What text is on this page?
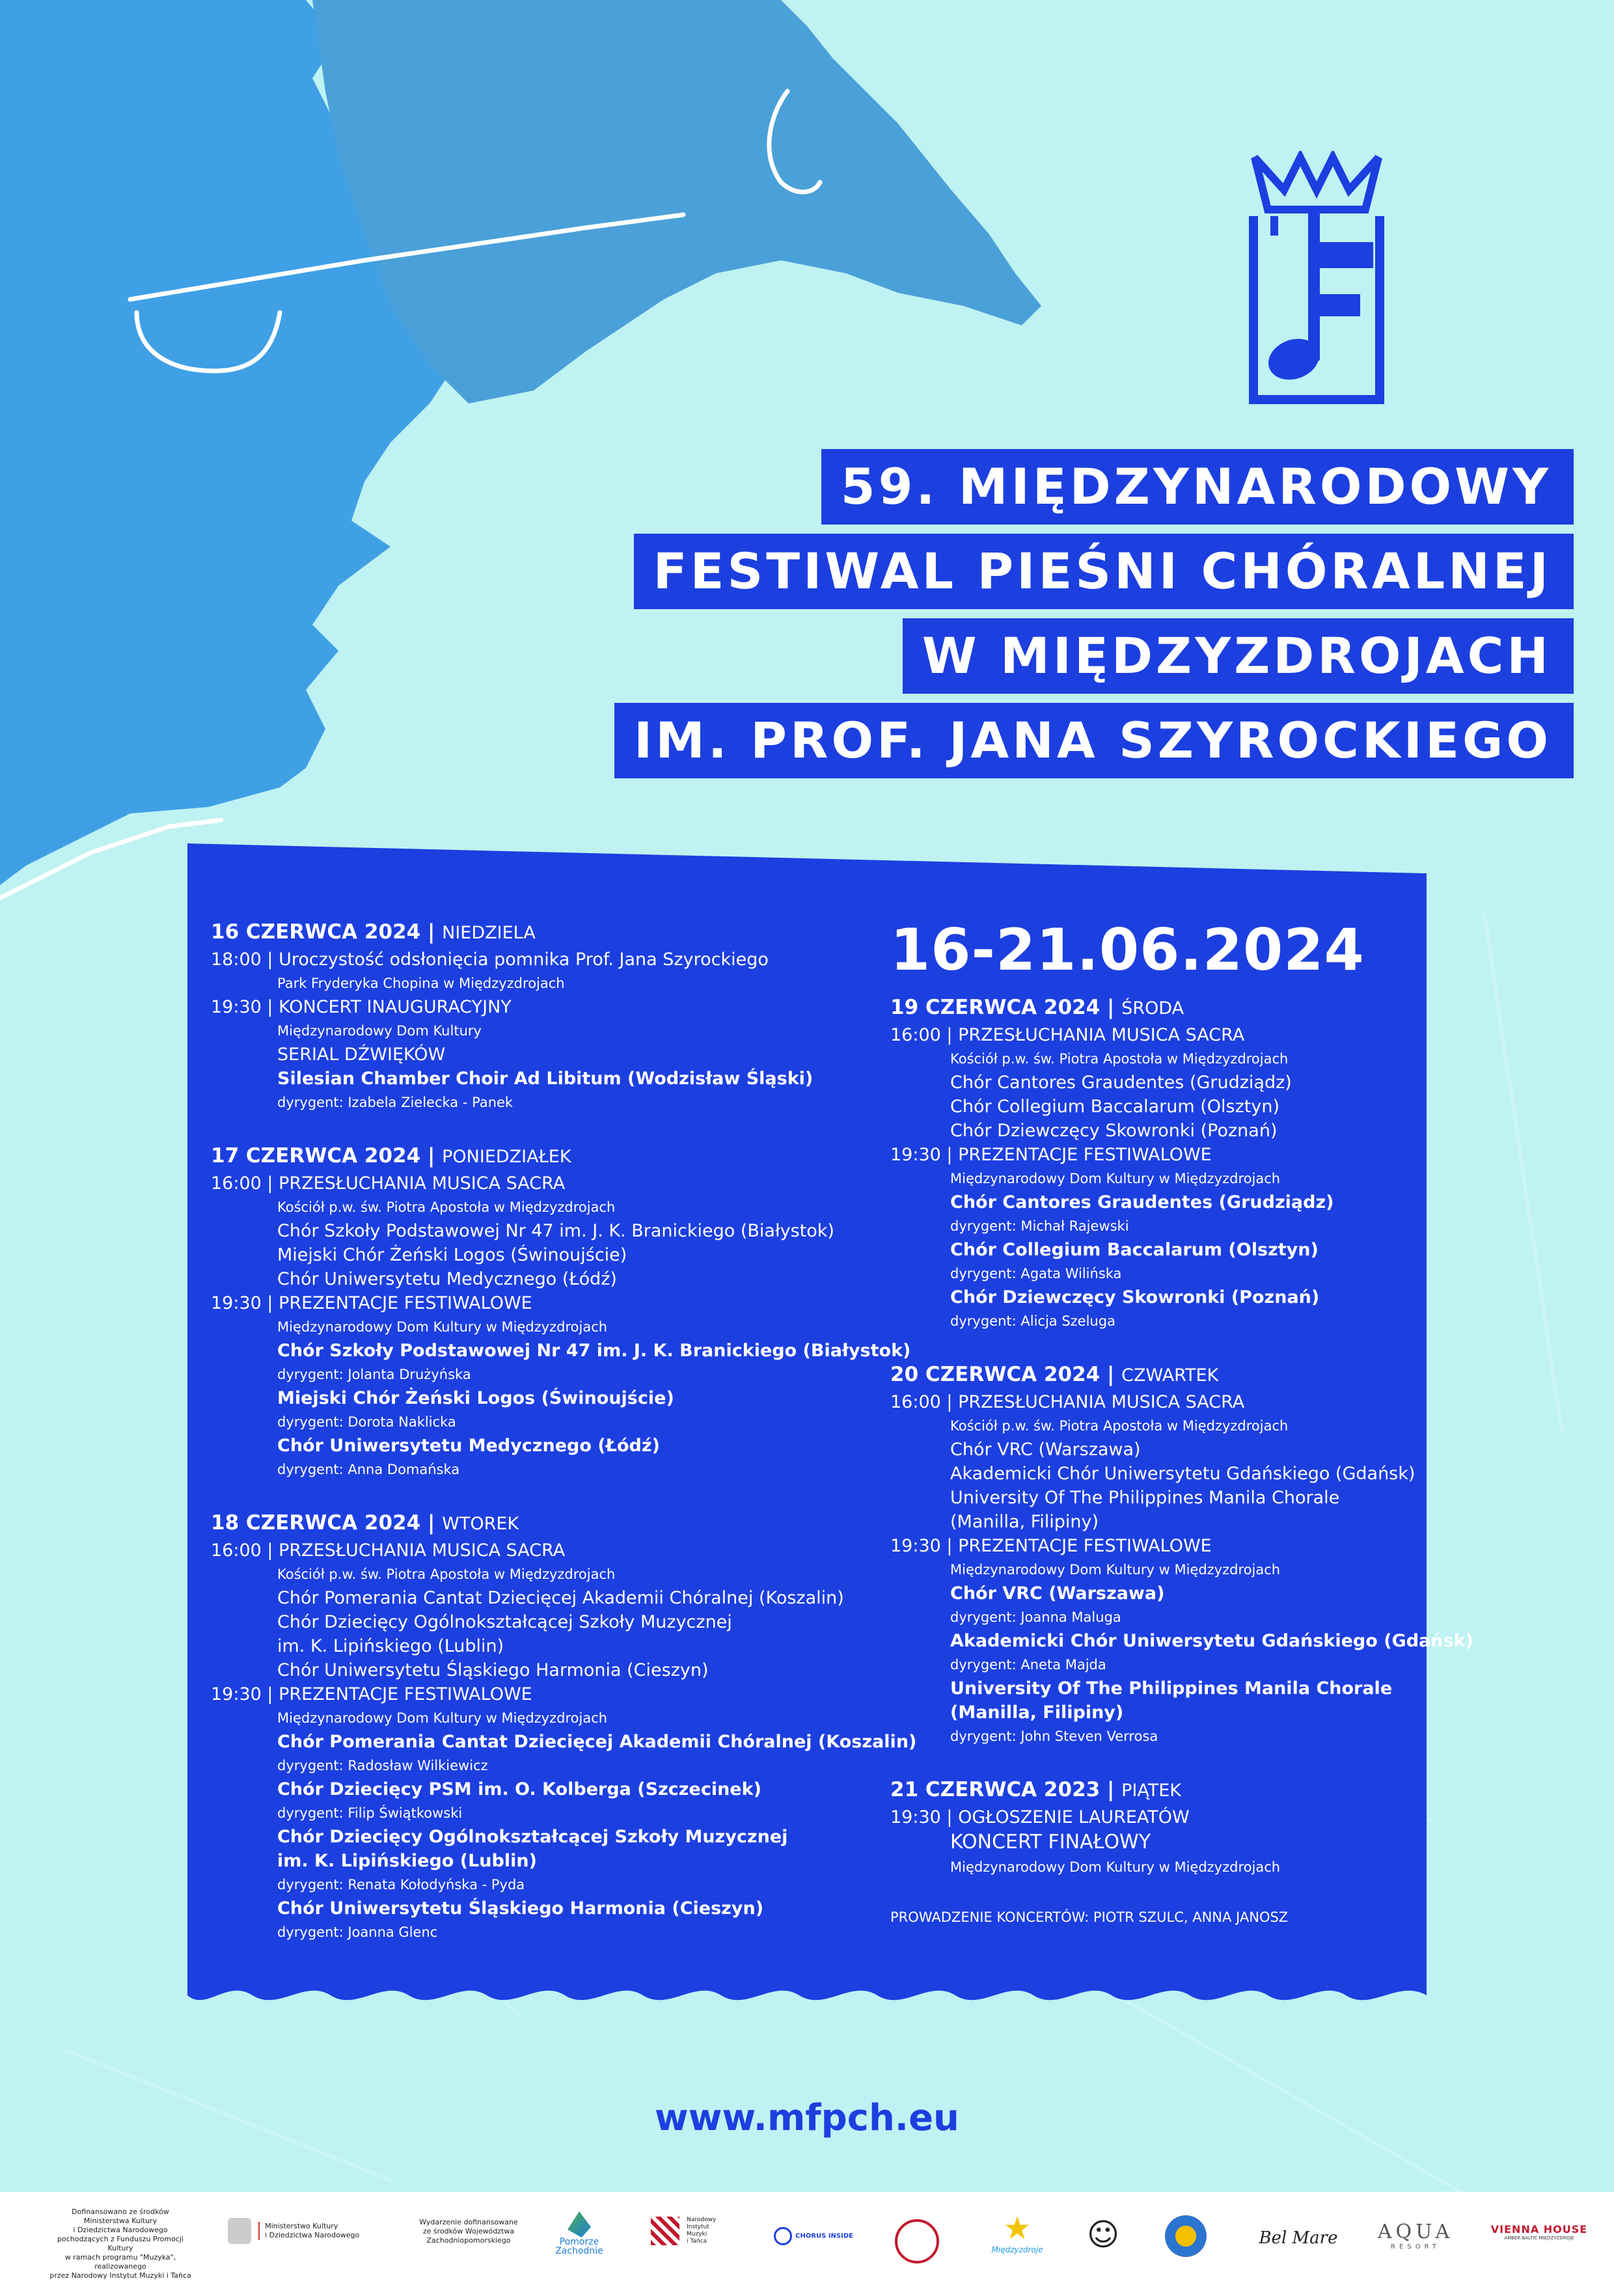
59. MIĘDZYNARODOWY
FESTIWAL PIEŚNI CHÓRALNEJ
W MIĘDZYZDROJACH
IM. PROF. JANA SZYROCKIEGO
16-21.06.2024
16 CZERWCA 2024 | NIEDZIELA
18:00 | Uroczystość odsłonięcia pomnika Prof. Jana Szyrockiego
Park Fryderyka Chopina w Międzyzdrojach
19:30 | KONCERT INAUGURACYJNY
Międzynarodowy Dom Kultury
SERIAL DŹWIĘKÓW
Silesian Chamber Choir Ad Libitum (Wodzisław Śląski)
dyrygent: Izabela Zielecka - Panek
17 CZERWCA 2024 | PONIEDZIAŁEK
16:00 | PRZESŁUCHANIA MUSICA SACRA
Kościół p.w. św. Piotra Apostoła w Międzyzdrojach
Chór Szkoły Podstawowej Nr 47 im. J. K. Branickiego (Białystok)
Miejski Chór Żeński Logos (Świnoujście)
Chór Uniwersytetu Medycznego (Łódź)
19:30 | PREZENTACJE FESTIWALOWE
Międzynarodowy Dom Kultury w Międzyzdrojach
Chór Szkoły Podstawowej Nr 47 im. J. K. Branickiego (Białystok)
dyrygent: Jolanta Drużyńska
Miejski Chór Żeński Logos (Świnoujście)
dyrygent: Dorota Naklicka
Chór Uniwersytetu Medycznego (Łódź)
dyrygent: Anna Domańska
18 CZERWCA 2024 | WTOREK
16:00 | PRZESŁUCHANIA MUSICA SACRA
Kościół p.w. św. Piotra Apostoła w Międzyzdrojach
Chór Pomerania Cantat Dziecięcej Akademii Chóralnej (Koszalin)
Chór Dziecięcy Ogólnokształcącej Szkoły Muzycznej
im. K. Lipińskiego (Lublin)
Chór Uniwersytetu Śląskiego Harmonia (Cieszyn)
19:30 | PREZENTACJE FESTIWALOWE
Międzynarodowy Dom Kultury w Międzyzdrojach
Chór Pomerania Cantat Dziecięcej Akademii Chóralnej (Koszalin)
dyrygent: Radosław Wilkiewicz
Chór Dziecięcy PSM im. O. Kolberga (Szczecinek)
dyrygent: Filip Świątkowski
Chór Dziecięcy Ogólnokształcącej Szkoły Muzycznej
im. K. Lipińskiego (Lublin)
dyrygent: Renata Kołodyńska - Pyda
Chór Uniwersytetu Śląskiego Harmonia (Cieszyn)
dyrygent: Joanna Glenc
19 CZERWCA 2024 | ŚRODA
16:00 | PRZESŁUCHANIA MUSICA SACRA
Kościół p.w. św. Piotra Apostoła w Międzyzdrojach
Chór Cantores Graudentes (Grudziądz)
Chór Collegium Baccalarum (Olsztyn)
Chór Dziewczęcy Skowronki (Poznań)
19:30 | PREZENTACJE FESTIWALOWE
Międzynarodowy Dom Kultury w Międzyzdrojach
Chór Cantores Graudentes (Grudziądz)
dyrygent: Michał Rajewski
Chór Collegium Baccalarum (Olsztyn)
dyrygent: Agata Wilińska
Chór Dziewczęcy Skowronki (Poznań)
dyrygent: Alicja Szeluga
20 CZERWCA 2024 | CZWARTEK
16:00 | PRZESŁUCHANIA MUSICA SACRA
Kościół p.w. św. Piotra Apostoła w Międzyzdrojach
Chór VRC (Warszawa)
Akademicki Chór Uniwersytetu Gdańskiego (Gdańsk)
University Of The Philippines Manila Chorale
(Manilla, Filipiny)
19:30 | PREZENTACJE FESTIWALOWE
Międzynarodowy Dom Kultury w Międzyzdrojach
Chór VRC (Warszawa)
dyrygent: Joanna Maluga
Akademicki Chór Uniwersytetu Gdańskiego (Gdańsk)
dyrygent: Aneta Majda
University Of The Philippines Manila Chorale
(Manilla, Filipiny)
dyrygent: John Steven Verrosa
21 CZERWCA 2023 | PIĄTEK
19:30 | OGŁOSZENIE LAUREATÓW
KONCERT FINAŁOWY
Międzynarodowy Dom Kultury w Międzyzdrojach
PROWADZENIE KONCERTÓW: PIOTR SZULC, ANNA JANOSZ
www.mfpch.eu
Dofinansowano ze środków
Ministerstwa Kultury
i Dziedzictwa Narodowego
pochodzących z Funduszu Promocji Kultury
w ramach programu "Muzyka", realizowanego
przez Narodowy Instytut Muzyki i Tańca

Ministerstwo Kultury
i Dziedzictwa Narodowego
Wydarzenie dofinansowane
ze środków Województwa
Zachodniopomorskiego	Pomorze
Zachodnie

Narodowy
Instytut
Muzyki
i Tańca
CHORUS INSIDE	★
Międzyzdroje	☺	Bel Mare AQUA
RESORT
VIENNA HOUSE
AMBER BALTIC MIĘDZYZDROJE
